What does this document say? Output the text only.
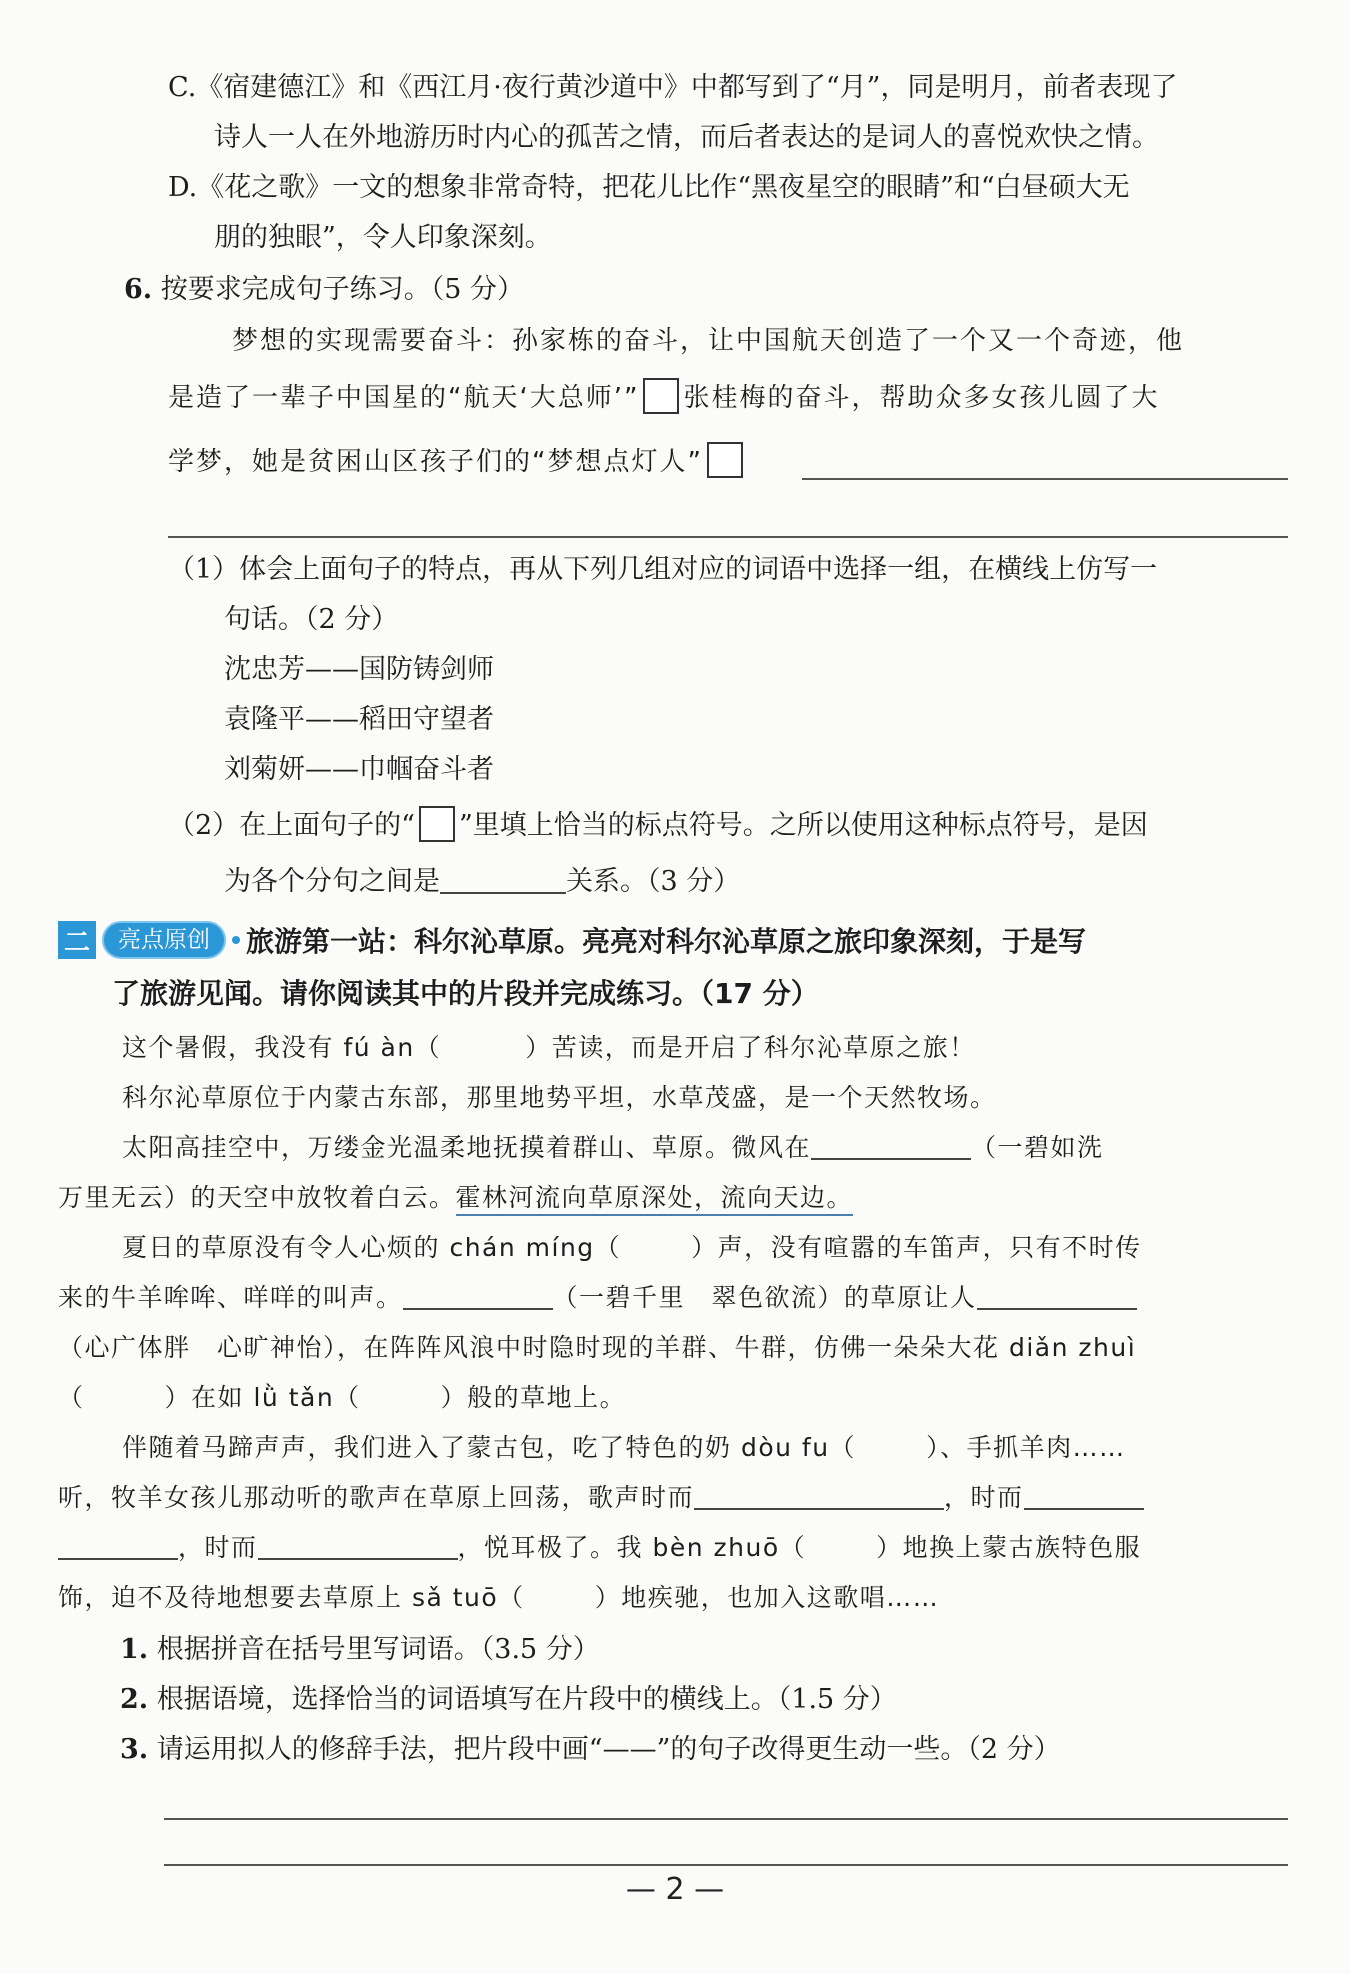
C.《宿建德江》和《西江月·夜行黄沙道中》中都写到了“月”，同是明月，前者表现了
诗人一人在外地游历时内心的孤苦之情，而后者表达的是词人的喜悦欢快之情。
D.《花之歌》一文的想象非常奇特，把花儿比作“黑夜星空的眼睛”和“白昼硕大无
朋的独眼”，令人印象深刻。
6. 按要求完成句子练习。（5 分）
梦想的实现需要奋斗：孙家栋的奋斗，让中国航天创造了一个又一个奇迹，他
是造了一辈子中国星的“航天‘大总师’” 张桂梅的奋斗，帮助众多女孩儿圆了大
学梦，她是贫困山区孩子们的“梦想点灯人”
（1）体会上面句子的特点，再从下列几组对应的词语中选择一组，在横线上仿写一
句话。（2 分）
沈忠芳——国防铸剑师
袁隆平——稻田守望者
刘菊妍——巾帼奋斗者
（2）在上面句子的“ ”里填上恰当的标点符号。之所以使用这种标点符号，是因
为各个分句之间是	关系。（3 分）
二	亮点原创	旅游第一站：科尔沁草原。亮亮对科尔沁草原之旅印象深刻，于是写
了旅游见闻。请你阅读其中的片段并完成练习。（17 分）
这个暑假，我没有 fú àn（	）苦读，而是开启了科尔沁草原之旅！
科尔沁草原位于内蒙古东部，那里地势平坦，水草茂盛，是一个天然牧场。
太阳高挂空中，万缕金光温柔地抚摸着群山、草原。微风在	（一碧如洗
万里无云）的天空中放牧着白云。霍林河流向草原深处，流向天边。
夏日的草原没有令人心烦的 chán míng（	）声，没有喧嚣的车笛声，只有不时传
来的牛羊哞哞、咩咩的叫声。	（一碧千里　翠色欲流）的草原让人
（心广体胖　心旷神怡），在阵阵风浪中时隐时现的羊群、牛群，仿佛一朵朵大花 diǎn zhuì
（	）在如 lǜ tǎn（	）般的草地上。
伴随着马蹄声声，我们进入了蒙古包，吃了特色的奶 dòu fu（	）、手抓羊肉……
听，牧羊女孩儿那动听的歌声在草原上回荡，歌声时而	，时而
，时而	，悦耳极了。我 bèn zhuō（	）地换上蒙古族特色服
饰，迫不及待地想要去草原上 sǎ tuō（	）地疾驰，也加入这歌唱……
1. 根据拼音在括号里写词语。（3.5 分）
2. 根据语境，选择恰当的词语填写在片段中的横线上。（1.5 分）
3. 请运用拟人的修辞手法，把片段中画“——”的句子改得更生动一些。（2 分）
— 2 —
